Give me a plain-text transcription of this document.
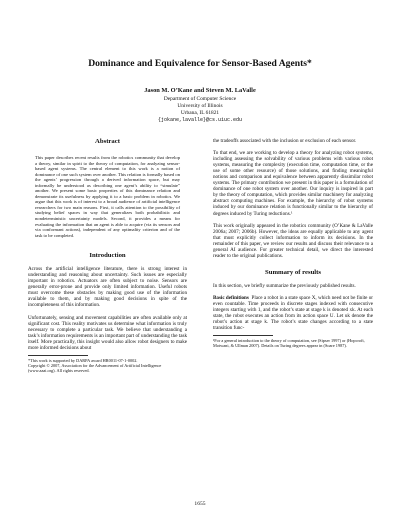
Dominance and Equivalence for Sensor-Based Agents*
Jason M. O’Kane and Steven M. LaValle
Department of Computer Science
University of Illinois
Urbana, IL 61821
{jokane,lavalle}@cs.uiuc.edu

Abstract

This paper describes recent results from the robotics community that develop a theory, similar in spirit to the theory of computation, for analyzing sensor-based agent systems. The central element to this work is a notion of dominance of one such system over another. This relation is formally based on the agents’ progression through a derived information space, but may informally be understood as describing one agent’s ability to “simulate” another. We present some basic properties of this dominance relation and demonstrate its usefulness by applying it to a basic problem in robotics. We argue that this work is of interest to a broad audience of artificial intelligence researchers for two main reasons. First, it calls attention to the possibility of studying belief spaces in way that generalizes both probabilistic and nondeterministic uncertainty models. Second, it provides a means for evaluating the information that an agent is able to acquire (via its sensors and via conformant actions), independent of any optimality criterion and of the task to be completed.

Introduction

Across the artificial intelligence literature, there is strong interest in understanding and reasoning about uncertainty. Such issues are especially important in robotics. Actuators are often subject to noise. Sensors are generally error-prone and provide only limited information. Useful robots must overcome these obstacles by making good use of the information available to them, and by making good decisions in spite of the incompleteness of this information.

Unfortunately, sensing and movement capabilities are often available only at significant cost. This reality motivates us determine what information is truly necessary to complete a particular task. We believe that understanding a task’s information requirements is an important part of understanding the task itself. More practically, this insight would also allow robot designers to make more informed decisions about

*This work is supported by DARPA award HR0011-07-1-0002.

Copyright © 2007, Association for the Advancement of Artificial Intelligence (www.aaai.org). All rights reserved.

the tradeoffs associated with the inclusion or exclusion of each sensor.

To that end, we are working to develop a theory for analyzing robot systems, including assessing the solvability of various problems with various robot systems, measuring the complexity (execution time, computation time, or the use of some other resource) of those solutions, and finding meaningful notions and comparison and equivalence between apparently dissimilar robot systems. The primary contribution we present in this paper is a formulation of dominance of one robot system over another. Our inquiry is inspired in part by the theory of computation, which provides similar machinery for analyzing abstract computing machines. For example, the hierarchy of robot systems induced by our dominance relation is functionally similar to the hierarchy of degrees induced by Turing reductions.¹

This work originally appeared in the robotics community (O’Kane & LaValle 2006a; 2007; 2006b). However, the ideas are equally applicable to any agent that must explicitly collect information to inform its decisions. In the remainder of this paper, we review our results and discuss their relevance to a general AI audience. For greater technical detail, we direct the interested reader to the original publications.

Summary of results

In this section, we briefly summarize the previously published results.

Basic definitions Place a robot in a state space X, which need not be finite or even countable. Time proceeds in discrete stages indexed with consecutive integers starting with 1, and the robot’s state at stage k is denoted xk. At each state, the robot executes an action from its action space U. Let uk denote the robot’s action at stage k. The robot’s state changes according to a state transition func-

¹For a general introduction to the theory of computation, see (Sipser 1997) or (Hopcroft, Motwani, & Ullman 2007). Details on Turing degrees appear in (Soare 1987).

1655
